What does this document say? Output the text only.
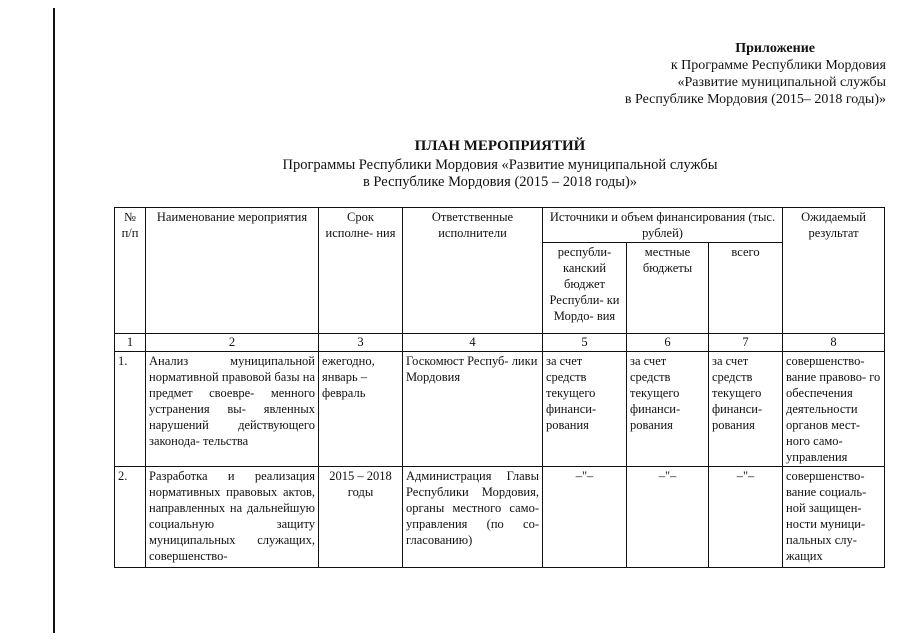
Приложение
к Программе Республики Мордовия
«Развитие муниципальной службы
в Республике Мордовия (2015– 2018 годы)»
ПЛАН МЕРОПРИЯТИЙ
Программы Республики Мордовия «Развитие муниципальной службы
в Республике Мордовия (2015 – 2018 годы)»
№ п/п	Наименование мероприятия	Срок исполне- ния	Ответственные исполнители	Источники и объем финансирования (тыс. рублей)			Ожидаемый результат
				республи- канский бюджет Республи- ки Мордо- вия	местные бюджеты	всего	
1	2	3	4	5	6	7	8
1.	Анализ муниципальной нормативной правовой базы на предмет своевре- менного устранения вы- явленных нарушений действующего законода- тельства	ежегодно, январь – февраль	Госкомюст Респуб- лики Мордовия	за счет средств текущего финанси- рования	за счет средств текущего финанси- рования	за счет средств текущего финанси- рования	совершенство- вание правово- го обеспечения деятельности органов мест- ного само- управления
2.	Разработка и реализация нормативных правовых актов, направленных на дальнейшую социальную защиту муниципальных служащих, совершенство-	2015 – 2018 годы	Администрация Главы Республики Мордовия, органы местного само- управления (по со- гласованию)	–"–	–"–	–"–	совершенство- вание социаль- ной защищен- ности муници- пальных слу- жащих
